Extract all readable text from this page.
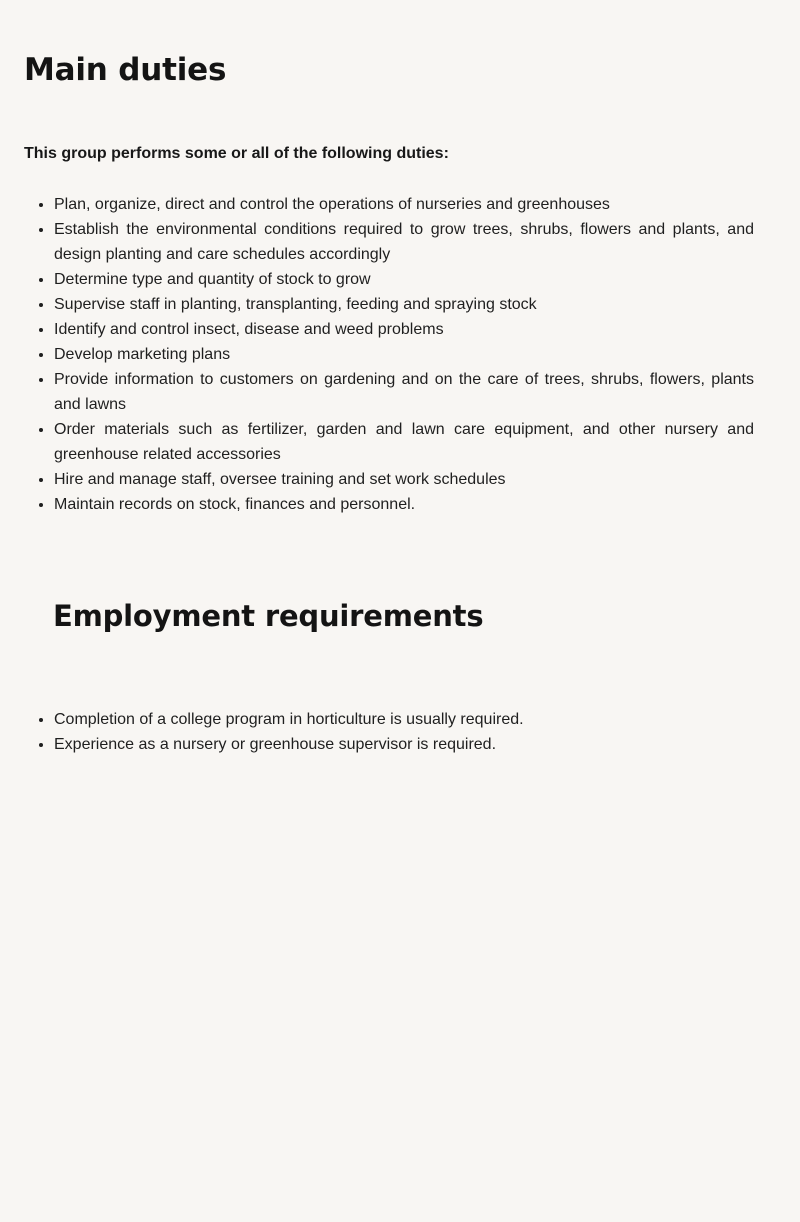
Main duties

This group performs some or all of the following duties:

• Plan, organize, direct and control the operations of nurseries and greenhouses
• Establish the environmental conditions required to grow trees, shrubs, flowers and plants, and design planting and care schedules accordingly
• Determine type and quantity of stock to grow
• Supervise staff in planting, transplanting, feeding and spraying stock
• Identify and control insect, disease and weed problems
• Develop marketing plans
• Provide information to customers on gardening and on the care of trees, shrubs, flowers, plants and lawns
• Order materials such as fertilizer, garden and lawn care equipment, and other nursery and greenhouse related accessories
• Hire and manage staff, oversee training and set work schedules
• Maintain records on stock, finances and personnel.
Employment requirements
• Completion of a college program in horticulture is usually required.
• Experience as a nursery or greenhouse supervisor is required.
